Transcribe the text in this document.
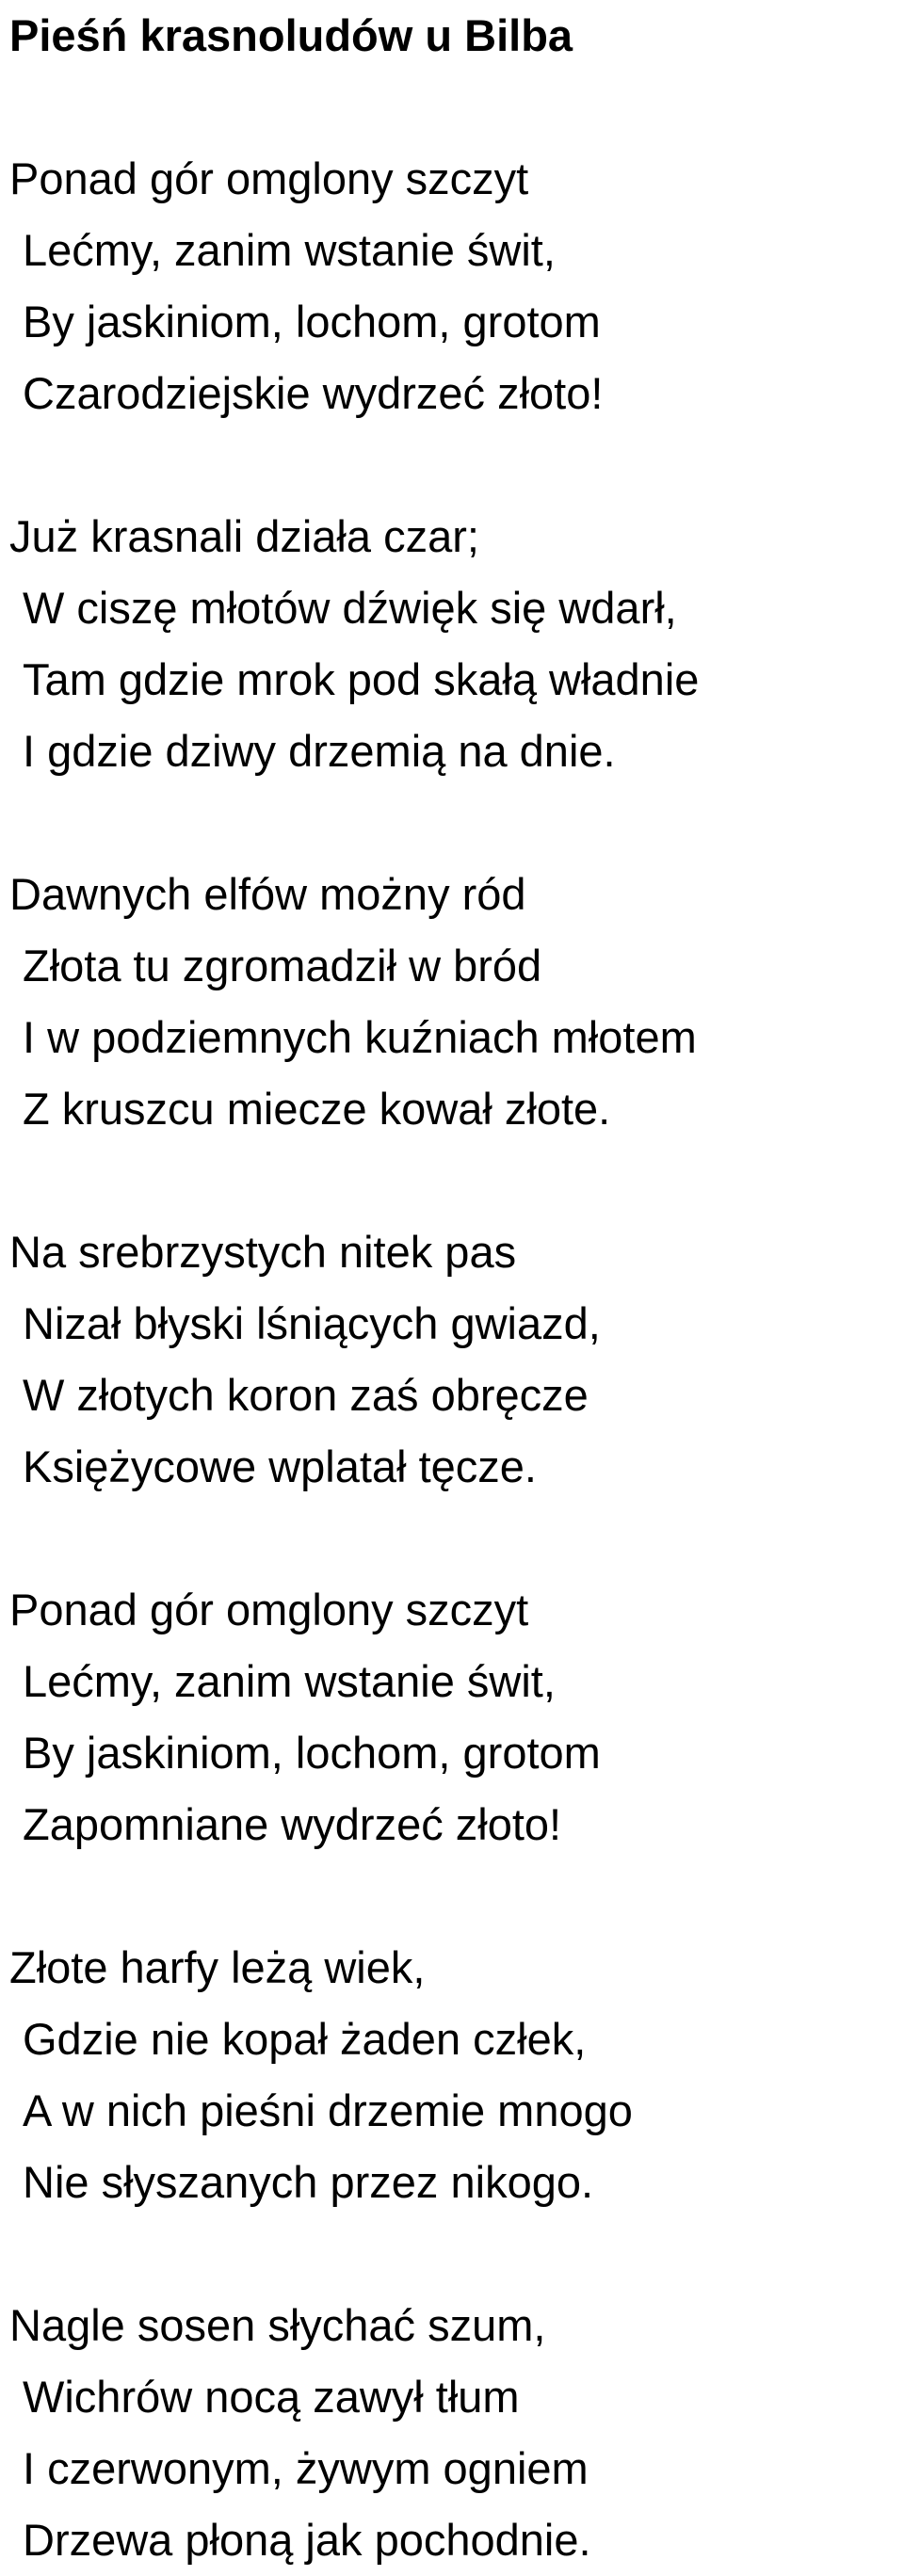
Pieśń krasnoludów u Bilba
Ponad gór omglony szczyt
Lećmy, zanim wstanie świt,
By jaskiniom, lochom, grotom
Czarodziejskie wydrzeć złoto!
Już krasnali działa czar;
W ciszę młotów dźwięk się wdarł,
Tam gdzie mrok pod skałą władnie
I gdzie dziwy drzemią na dnie.
Dawnych elfów możny ród
Złota tu zgromadził w bród
I w podziemnych kuźniach młotem
Z kruszcu miecze kował złote.
Na srebrzystych nitek pas
Nizał błyski lśniących gwiazd,
W złotych koron zaś obręcze
Księżycowe wplatał tęcze.
Ponad gór omglony szczyt
Lećmy, zanim wstanie świt,
By jaskiniom, lochom, grotom
Zapomniane wydrzeć złoto!
Złote harfy leżą wiek,
Gdzie nie kopał żaden człek,
A w nich pieśni drzemie mnogo
Nie słyszanych przez nikogo.
Nagle sosen słychać szum,
Wichrów nocą zawył tłum
I czerwonym, żywym ogniem
Drzewa płoną jak pochodnie.
